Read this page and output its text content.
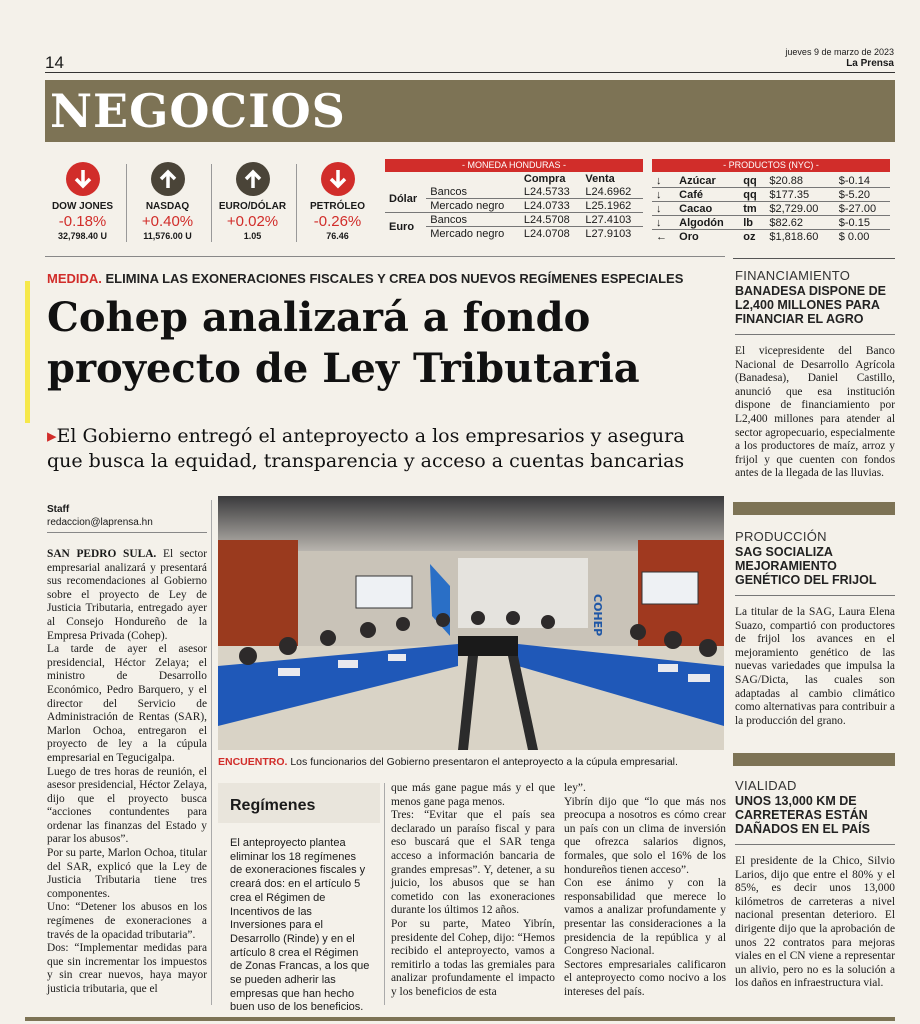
14
jueves 9 de marzo de 2023
La Prensa
NEGOCIOS
DOW JONES
-0.18%
32,798.40 U
NASDAQ
+0.40%
11,576.00 U
EURO/DÓLAR
+0.02%
1.05
PETRÓLEO
-0.26%
76.46
- MONEDA HONDURAS -
		Compra	Venta
Dólar	Bancos	L24.5733	L24.6962
	Mercado negro	L24.0733	L25.1962
Euro	Bancos	L24.5708	L27.4103
	Mercado negro	L24.0708	L27.9103
- PRODUCTOS (NYC) -
↓	Azúcar	qq	$20.88	$-0.14
↓	Café	qq	$177.35	$-5.20
↓	Cacao	tm	$2,729.00	$-27.00
↓	Algodón	lb	$82.62	$-0.15
←	Oro	oz	$1,818.60	$ 0.00
MEDIDA. ELIMINA LAS EXONERACIONES FISCALES Y CREA DOS NUEVOS REGÍMENES ESPECIALES
Cohep analizará a fondo
proyecto de Ley Tributaria
▸El Gobierno entregó el anteproyecto a los empresarios y asegura
que busca la equidad, transparencia y acceso a cuentas bancarias
Staff
redaccion@laprensa.hn

SAN PEDRO SULA. El sector empresarial analizará y presentará sus recomendaciones al Gobierno sobre el proyecto de Ley de Justicia Tributaria, entregado ayer al Consejo Hondureño de la Empresa Privada (Cohep).

La tarde de ayer el asesor presidencial, Héctor Zelaya; el ministro de Desarrollo Económico, Pedro Barquero, y el director del Servicio de Administración de Rentas (SAR), Marlon Ochoa, entregaron el proyecto de ley a la cúpula empresarial en Tegucigalpa.

Luego de tres horas de reunión, el asesor presidencial, Héctor Zelaya, dijo que el proyecto busca “acciones contundentes para ordenar las finanzas del Estado y parar los abusos”.

Por su parte, Marlon Ochoa, titular del SAR, explicó que la Ley de Justicia Tributaria tiene tres componentes.

Uno: “Detener los abusos en los regímenes de exoneraciones a través de la opacidad tributaria”.

Dos: “Implementar medidas para que sin incrementar los impuestos y sin crear nuevos, haya mayor justicia tributaria, que el

COHEP
ENCUENTRO. Los funcionarios del Gobierno presentaron el anteproyecto a la cúpula empresarial.
Regímenes
El anteproyecto plantea eliminar los 18 regímenes de exoneraciones fiscales y creará dos: en el artículo 5 crea el Régimen de Incentivos de las Inversiones para el Desarrollo (Rinde) y en el artículo 8 crea el Régimen de Zonas Francas, a los que se pueden adherir las empresas que han hecho buen uso de los beneficios.

que más gane pague más y el que menos gane paga menos.

Tres: “Evitar que el país sea declarado un paraíso fiscal y para eso buscará que el SAR tenga acceso a información bancaria de grandes empresas”. Y, detener, a su juicio, los abusos que se han cometido con las exoneraciones durante los últimos 12 años.

Por su parte, Mateo Yibrín, presidente del Cohep, dijo: “Hemos recibido el anteproyecto, vamos a remitirlo a todas las gremiales para analizar profundamente el impacto y los beneficios de esta

ley”.

Yibrín dijo que “lo que más nos preocupa a nosotros es cómo crear un país con un clima de inversión que ofrezca salarios dignos, formales, que solo el 16% de los hondureños tienen acceso”.

Con ese ánimo y con la responsabilidad que merece lo vamos a analizar profundamente y presentar las consideraciones a la presidencia de la república y al Congreso Nacional.

Sectores empresariales calificaron el anteproyecto como nocivo a los intereses del país.

FINANCIAMIENTO
BANADESA DISPONE DE L2,400 MILLONES PARA FINANCIAR EL AGRO
El vicepresidente del Banco Nacional de Desarrollo Agrícola (Banadesa), Daniel Castillo, anunció que esa institución dispone de financiamiento por L2,400 millones para atender al sector agropecuario, especialmente a los productores de maíz, arroz y frijol y que cuenten con fondos antes de la llegada de las lluvias.
PRODUCCIÓN
SAG SOCIALIZA MEJORAMIENTO GENÉTICO DEL FRIJOL
La titular de la SAG, Laura Elena Suazo, compartió con productores de frijol los avances en el mejoramiento genético de las nuevas variedades que impulsa la SAG/Dicta, las cuales son adaptadas al cambio climático como alternativas para contribuir a la producción del grano.
VIALIDAD
UNOS 13,000 KM DE CARRETERAS ESTÁN DAÑADOS EN EL PAÍS
El presidente de la Chico, Silvio Larios, dijo que entre el 80% y el 85%, es decir unos 13,000 kilómetros de carreteras a nivel nacional presentan deterioro. El dirigente dijo que la aprobación de unos 22 contratos para mejoras viales en el CN viene a representar un alivio, pero no es la solución a los daños en infraestructura vial.
